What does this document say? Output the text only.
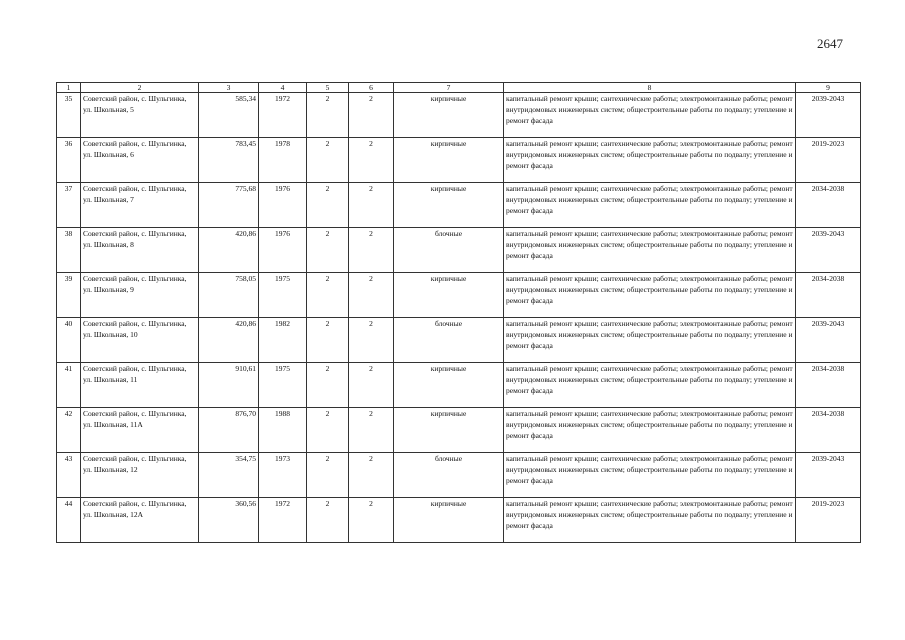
2647
1	2	3	4	5	6	7	8	9
35	Советский район, с. Шульгинка, ул. Школьная, 5	585,34	1972	2	2	кирпичные	капитальный ремонт крыши; сантехнические работы; электромонтажные работы; ремонт внутридомовых инженерных систем; общестроительные работы по подвалу; утепление и ремонт фасада	2039-2043
36	Советский район, с. Шульгинка, ул. Школьная, 6	783,45	1978	2	2	кирпичные	капитальный ремонт крыши; сантехнические работы; электромонтажные работы; ремонт внутридомовых инженерных систем; общестроительные работы по подвалу; утепление и ремонт фасада	2019-2023
37	Советский район, с. Шульгинка, ул. Школьная, 7	775,68	1976	2	2	кирпичные	капитальный ремонт крыши; сантехнические работы; электромонтажные работы; ремонт внутридомовых инженерных систем; общестроительные работы по подвалу; утепление и ремонт фасада	2034-2038
38	Советский район, с. Шульгинка, ул. Школьная, 8	420,86	1976	2	2	блочные	капитальный ремонт крыши; сантехнические работы; электромонтажные работы; ремонт внутридомовых инженерных систем; общестроительные работы по подвалу; утепление и ремонт фасада	2039-2043
39	Советский район, с. Шульгинка, ул. Школьная, 9	758,05	1975	2	2	кирпичные	капитальный ремонт крыши; сантехнические работы; электромонтажные работы; ремонт внутридомовых инженерных систем; общестроительные работы по подвалу; утепление и ремонт фасада	2034-2038
40	Советский район, с. Шульгинка, ул. Школьная, 10	420,86	1982	2	2	блочные	капитальный ремонт крыши; сантехнические работы; электромонтажные работы; ремонт внутридомовых инженерных систем; общестроительные работы по подвалу; утепление и ремонт фасада	2039-2043
41	Советский район, с. Шульгинка, ул. Школьная, 11	910,61	1975	2	2	кирпичные	капитальный ремонт крыши; сантехнические работы; электромонтажные работы; ремонт внутридомовых инженерных систем; общестроительные работы по подвалу; утепление и ремонт фасада	2034-2038
42	Советский район, с. Шульгинка, ул. Школьная, 11А	876,70	1988	2	2	кирпичные	капитальный ремонт крыши; сантехнические работы; электромонтажные работы; ремонт внутридомовых инженерных систем; общестроительные работы по подвалу; утепление и ремонт фасада	2034-2038
43	Советский район, с. Шульгинка, ул. Школьная, 12	354,75	1973	2	2	блочные	капитальный ремонт крыши; сантехнические работы; электромонтажные работы; ремонт внутридомовых инженерных систем; общестроительные работы по подвалу; утепление и ремонт фасада	2039-2043
44	Советский район, с. Шульгинка, ул. Школьная, 12А	360,56	1972	2	2	кирпичные	капитальный ремонт крыши; сантехнические работы; электромонтажные работы; ремонт внутридомовых инженерных систем; общестроительные работы по подвалу; утепление и ремонт фасада	2019-2023
